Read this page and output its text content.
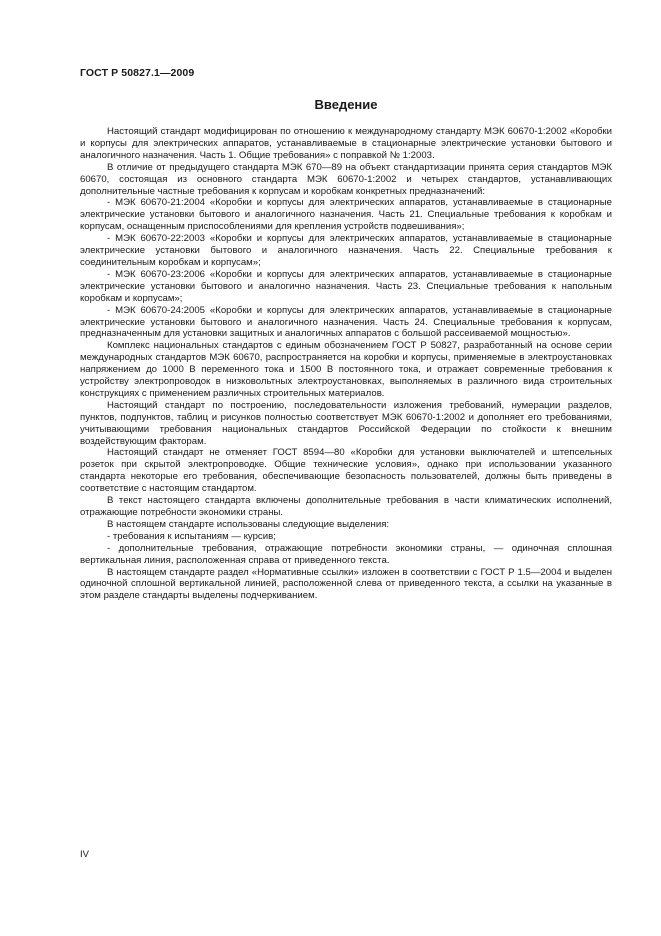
ГОСТ Р 50827.1—2009
Введение

Настоящий стандарт модифицирован по отношению к международному стандарту МЭК 60670-1:2002 «Коробки и корпусы для электрических аппаратов, устанавливаемые в стационарные электрические установки бытового и аналогичного назначения. Часть 1. Общие требования» с поправкой № 1:2003.

В отличие от предыдущего стандарта МЭК 670—89 на объект стандартизации принята серия стандартов МЭК 60670, состоящая из основного стандарта МЭК 60670-1:2002 и четырех стандартов, устанавливающих дополнительные частные требования к корпусам и коробкам конкретных предназначений:

- МЭК 60670-21:2004 «Коробки и корпусы для электрических аппаратов, устанавливаемые в стационарные электрические установки бытового и аналогичного назначения. Часть 21. Специальные требования к коробкам и корпусам, оснащенным приспособлениями для крепления устройств подвешивания»;

- МЭК 60670-22:2003 «Коробки и корпусы для электрических аппаратов, устанавливаемые в стационарные электрические установки бытового и аналогичного назначения. Часть 22. Специальные требования к соединительным коробкам и корпусам»;

- МЭК 60670-23:2006 «Коробки и корпусы для электрических аппаратов, устанавливаемые в стационарные электрические установки бытового и аналогично назначения. Часть 23. Специальные требования к напольным коробкам и корпусам»;

- МЭК 60670-24:2005 «Коробки и корпусы для электрических аппаратов, устанавливаемые в стационарные электрические установки бытового и аналогичного назначения. Часть 24. Специальные требования к корпусам, предназначенным для установки защитных и аналогичных аппаратов с большой рассеиваемой мощностью».

Комплекс национальных стандартов с единым обозначением ГОСТ Р 50827, разработанный на основе серии международных стандартов МЭК 60670, распространяется на коробки и корпусы, применяемые в электроустановках напряжением до 1000 В переменного тока и 1500 В постоянного тока, и отражает современные требования к устройству электропроводок в низковольтных электроустановках, выполняемых в различного вида строительных конструкциях с применением различных строительных материалов.

Настоящий стандарт по построению, последовательности изложения требований, нумерации разделов, пунктов, подпунктов, таблиц и рисунков полностью соответствует МЭК 60670-1:2002 и дополняет его требованиями, учитывающими требования национальных стандартов Российской Федерации по стойкости к внешним воздействующим факторам.

Настоящий стандарт не отменяет ГОСТ 8594—80 «Коробки для установки выключателей и штепсельных розеток при скрытой электропроводке. Общие технические условия», однако при использовании указанного стандарта некоторые его требования, обеспечивающие безопасность пользователей, должны быть приведены в соответствие с настоящим стандартом.

В текст настоящего стандарта включены дополнительные требования в части климатических исполнений, отражающие потребности экономики страны.

В настоящем стандарте использованы следующие выделения:

- требования к испытаниям — курсив;

- дополнительные требования, отражающие потребности экономики страны, — одиночная сплошная вертикальная линия, расположенная справа от приведенного текста.

В настоящем стандарте раздел «Нормативные ссылки» изложен в соответствии с ГОСТ Р 1.5—2004 и выделен одиночной сплошной вертикальной линией, расположенной слева от приведенного текста, а ссылки на указанные в этом разделе стандарты выделены подчеркиванием.

IV
